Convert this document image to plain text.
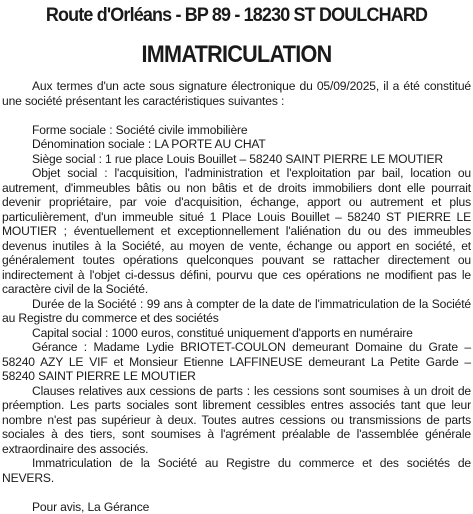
Route d'Orléans - BP 89 - 18230 ST DOULCHARD

IMMATRICULATION

Aux termes d'un acte sous signature électronique du 05/09/2025, il a été constitué une société présentant les caractéristiques suivantes :

Forme sociale : Société civile immobilière

Dénomination sociale : LA PORTE AU CHAT

Siège social : 1 rue place Louis Bouillet – 58240 SAINT PIERRE LE MOUTIER

Objet social : l'acquisition, l'administration et l'exploitation par bail, location ou autrement, d'immeubles bâtis ou non bâtis et de droits immobiliers dont elle pourrait devenir propriétaire, par voie d'acquisition, échange, apport ou autrement et plus particulièrement, d'un immeuble situé 1 Place Louis Bouillet – 58240 ST PIERRE LE MOUTIER ; éventuellement et exceptionnellement l'aliénation du ou des immeubles devenus inutiles à la Société, au moyen de vente, échange ou apport en société, et généralement toutes opérations quelconques pouvant se rattacher directement ou indirectement à l'objet ci-dessus défini, pourvu que ces opérations ne modifient pas le caractère civil de la Société.

Durée de la Société : 99 ans à compter de la date de l'immatriculation de la Société au Registre du commerce et des sociétés

Capital social : 1000 euros, constitué uniquement d'apports en numéraire

Gérance : Madame Lydie BRIOTET-COULON demeurant Domaine du Grate – 58240 AZY LE VIF et Monsieur Etienne LAFFINEUSE demeurant La Petite Garde – 58240 SAINT PIERRE LE MOUTIER

Clauses relatives aux cessions de parts : les cessions sont soumises à un droit de préemption. Les parts sociales sont librement cessibles entres associés tant que leur nombre n'est pas supérieur à deux. Toutes autres cessions ou transmissions de parts sociales à des tiers, sont soumises à l'agrément préalable de l'assemblée générale extraordinaire des associés.

Immatriculation de la Société au Registre du commerce et des sociétés de NEVERS.

Pour avis, La Gérance
